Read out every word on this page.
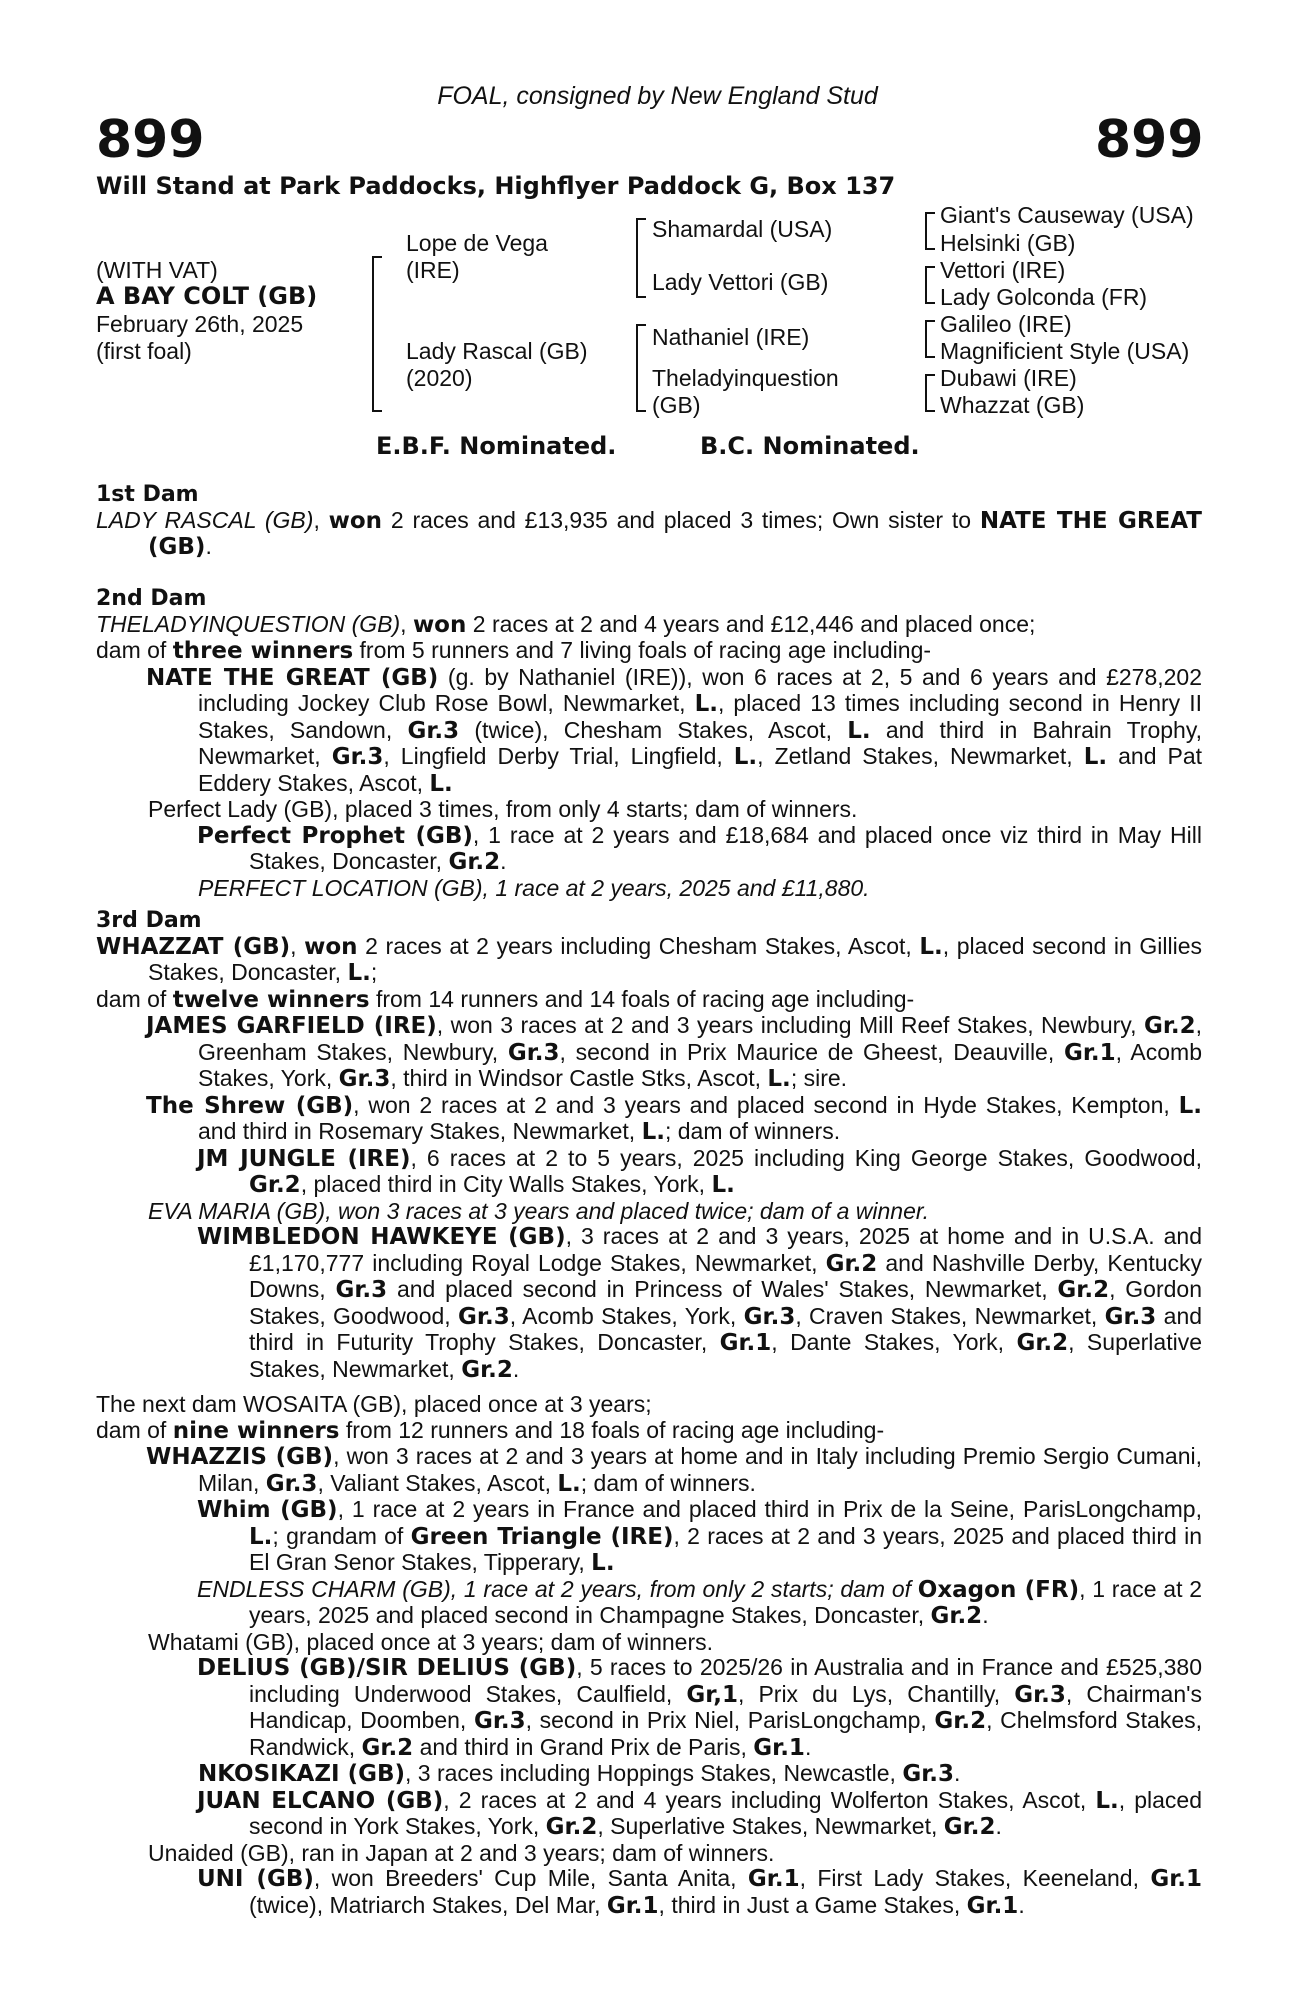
FOAL, consigned by New England Stud
899	899
Will Stand at Park Paddocks, Highflyer Paddock G, Box 137
(WITH VAT)
A BAY COLT (GB)
February 26th, 2025
(first foal)
Lope de Vega
(IRE)
Lady Rascal (GB)
(2020)
Shamardal (USA)
Lady Vettori (GB)
Nathaniel (IRE)
Theladyinquestion
(GB)
Giant's Causeway (USA)
Helsinki (GB)
Vettori (IRE)
Lady Golconda (FR)
Galileo (IRE)
Magnificient Style (USA)
Dubawi (IRE)
Whazzat (GB)
E.B.F. Nominated.	B.C. Nominated.

1st Dam

LADY RASCAL (GB), won 2 races and £13,935 and placed 3 times; Own sister to NATE THE GREAT (GB).

2nd Dam

THELADYINQUESTION (GB), won 2 races at 2 and 4 years and £12,446 and placed once;

dam of three winners from 5 runners and 7 living foals of racing age including-

NATE THE GREAT (GB) (g. by Nathaniel (IRE)), won 6 races at 2, 5 and 6 years and £278,202 including Jockey Club Rose Bowl, Newmarket, L., placed 13 times including second in Henry II Stakes, Sandown, Gr.3 (twice), Chesham Stakes, Ascot, L. and third in Bahrain Trophy, Newmarket, Gr.3, Lingfield Derby Trial, Lingfield, L., Zetland Stakes, Newmarket, L. and Pat Eddery Stakes, Ascot, L.

Perfect Lady (GB), placed 3 times, from only 4 starts; dam of winners.

Perfect Prophet (GB), 1 race at 2 years and £18,684 and placed once viz third in May Hill Stakes, Doncaster, Gr.2.

PERFECT LOCATION (GB), 1 race at 2 years, 2025 and £11,880.

3rd Dam

WHAZZAT (GB), won 2 races at 2 years including Chesham Stakes, Ascot, L., placed second in Gillies Stakes, Doncaster, L.;

dam of twelve winners from 14 runners and 14 foals of racing age including-

JAMES GARFIELD (IRE), won 3 races at 2 and 3 years including Mill Reef Stakes, Newbury, Gr.2, Greenham Stakes, Newbury, Gr.3, second in Prix Maurice de Gheest, Deauville, Gr.1, Acomb Stakes, York, Gr.3, third in Windsor Castle Stks, Ascot, L.; sire.

The Shrew (GB), won 2 races at 2 and 3 years and placed second in Hyde Stakes, Kempton, L. and third in Rosemary Stakes, Newmarket, L.; dam of winners.

JM JUNGLE (IRE), 6 races at 2 to 5 years, 2025 including King George Stakes, Goodwood, Gr.2, placed third in City Walls Stakes, York, L.

EVA MARIA (GB), won 3 races at 3 years and placed twice; dam of a winner.

WIMBLEDON HAWKEYE (GB), 3 races at 2 and 3 years, 2025 at home and in U.S.A. and £1,170,777 including Royal Lodge Stakes, Newmarket, Gr.2 and Nashville Derby, Kentucky Downs, Gr.3 and placed second in Princess of Wales' Stakes, Newmarket, Gr.2, Gordon Stakes, Goodwood, Gr.3, Acomb Stakes, York, Gr.3, Craven Stakes, Newmarket, Gr.3 and third in Futurity Trophy Stakes, Doncaster, Gr.1, Dante Stakes, York, Gr.2, Superlative Stakes, Newmarket, Gr.2.

The next dam WOSAITA (GB), placed once at 3 years;

dam of nine winners from 12 runners and 18 foals of racing age including-

WHAZZIS (GB), won 3 races at 2 and 3 years at home and in Italy including Premio Sergio Cumani, Milan, Gr.3, Valiant Stakes, Ascot, L.; dam of winners.

Whim (GB), 1 race at 2 years in France and placed third in Prix de la Seine, ParisLongchamp, L.; grandam of Green Triangle (IRE), 2 races at 2 and 3 years, 2025 and placed third in El Gran Senor Stakes, Tipperary, L.

ENDLESS CHARM (GB), 1 race at 2 years, from only 2 starts; dam of Oxagon (FR), 1 race at 2 years, 2025 and placed second in Champagne Stakes, Doncaster, Gr.2.

Whatami (GB), placed once at 3 years; dam of winners.

DELIUS (GB)/SIR DELIUS (GB), 5 races to 2025/26 in Australia and in France and £525,380 including Underwood Stakes, Caulfield, Gr,1, Prix du Lys, Chantilly, Gr.3, Chairman's Handicap, Doomben, Gr.3, second in Prix Niel, ParisLongchamp, Gr.2, Chelmsford Stakes, Randwick, Gr.2 and third in Grand Prix de Paris, Gr.1.

NKOSIKAZI (GB), 3 races including Hoppings Stakes, Newcastle, Gr.3.

JUAN ELCANO (GB), 2 races at 2 and 4 years including Wolferton Stakes, Ascot, L., placed second in York Stakes, York, Gr.2, Superlative Stakes, Newmarket, Gr.2.

Unaided (GB), ran in Japan at 2 and 3 years; dam of winners.

UNI (GB), won Breeders' Cup Mile, Santa Anita, Gr.1, First Lady Stakes, Keeneland, Gr.1 (twice), Matriarch Stakes, Del Mar, Gr.1, third in Just a Game Stakes, Gr.1.
